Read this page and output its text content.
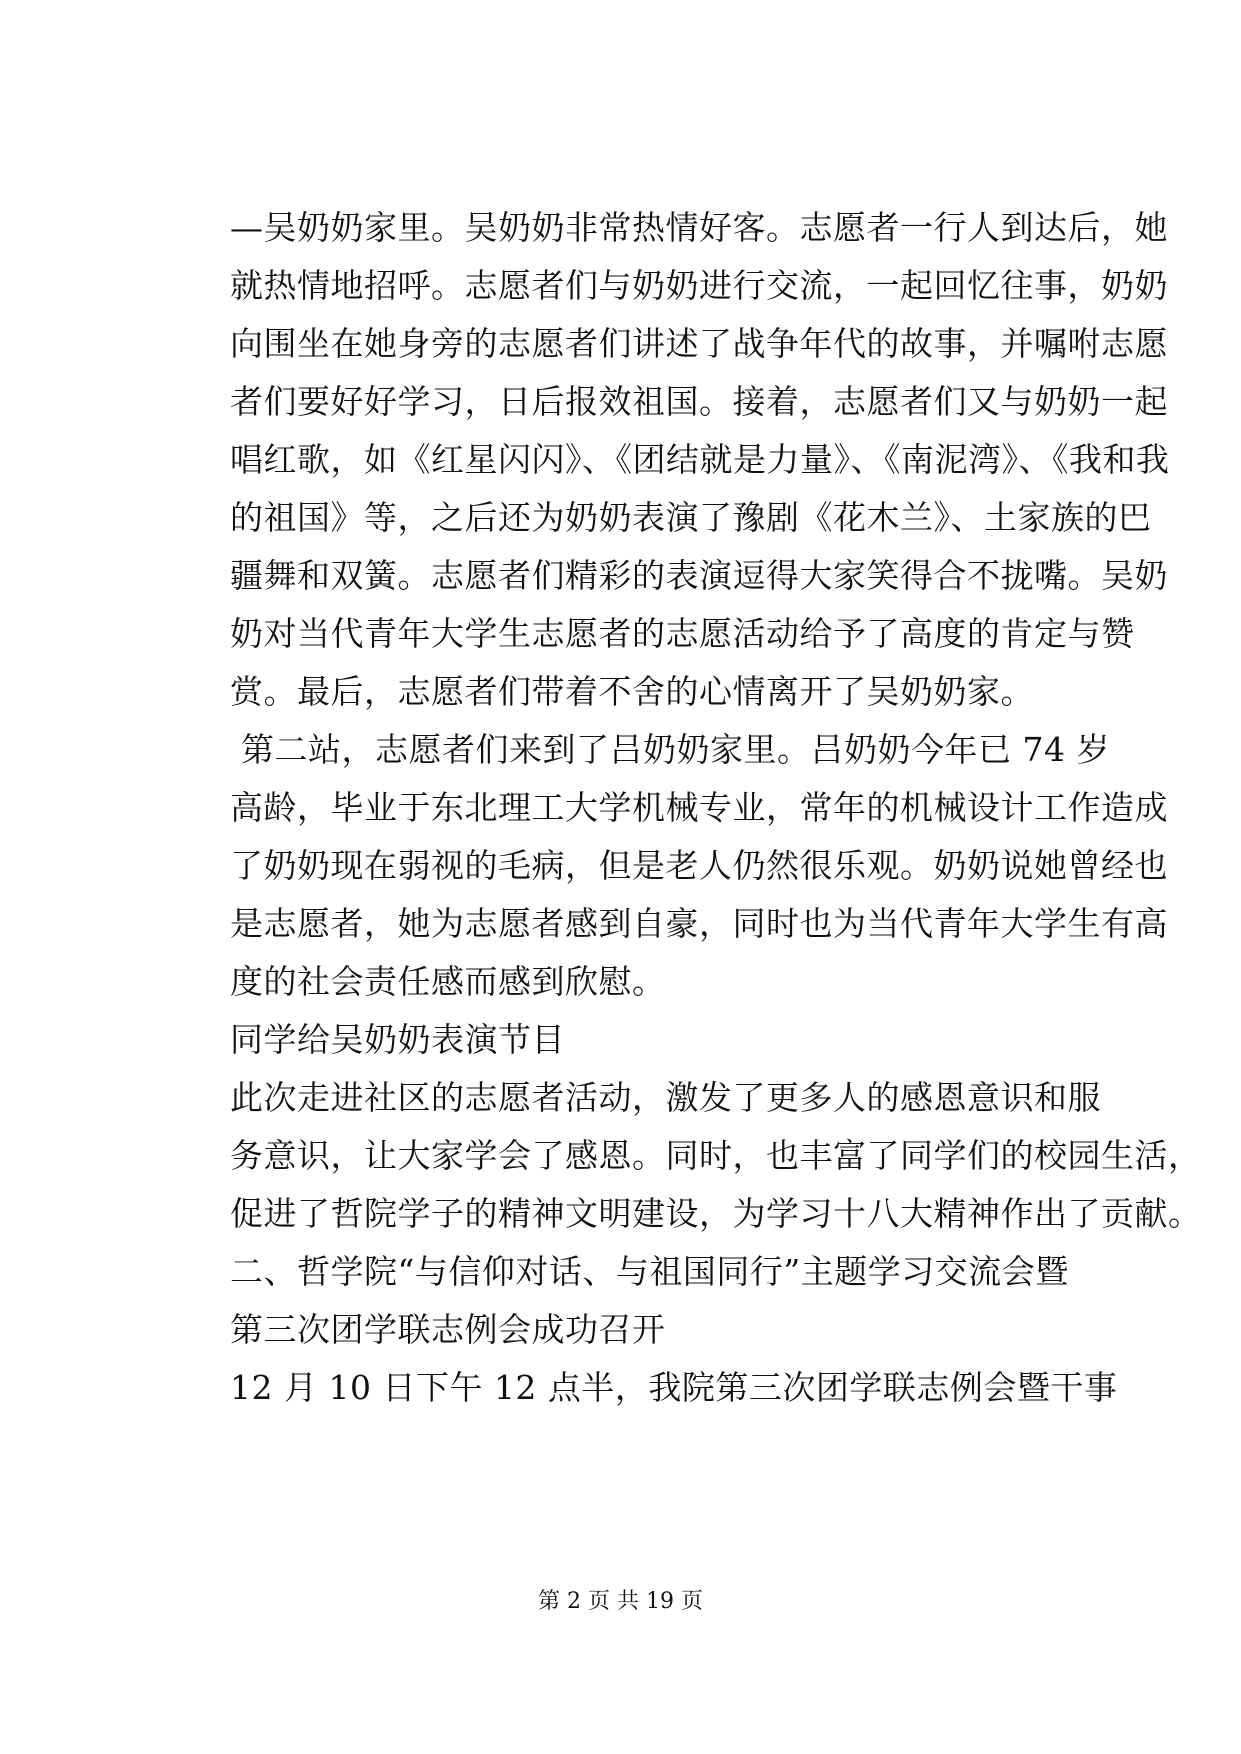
—吴奶奶家里。吴奶奶非常热情好客。志愿者一行人到达后，她
就热情地招呼。志愿者们与奶奶进行交流，一起回忆往事，奶奶
向围坐在她身旁的志愿者们讲述了战争年代的故事，并嘱咐志愿
者们要好好学习，日后报效祖国。接着，志愿者们又与奶奶一起
唱红歌，如《红星闪闪》、《团结就是力量》、《南泥湾》、《我和我
的祖国》等，之后还为奶奶表演了豫剧《花木兰》、土家族的巴
疆舞和双簧。志愿者们精彩的表演逗得大家笑得合不拢嘴。吴奶
奶对当代青年大学生志愿者的志愿活动给予了高度的肯定与赞
赏。最后，志愿者们带着不舍的心情离开了吴奶奶家。
第二站，志愿者们来到了吕奶奶家里。吕奶奶今年已 74 岁
高龄，毕业于东北理工大学机械专业，常年的机械设计工作造成
了奶奶现在弱视的毛病，但是老人仍然很乐观。奶奶说她曾经也
是志愿者，她为志愿者感到自豪，同时也为当代青年大学生有高
度的社会责任感而感到欣慰。
同学给吴奶奶表演节目
此次走进社区的志愿者活动，激发了更多人的感恩意识和服
务意识，让大家学会了感恩。同时，也丰富了同学们的校园生活，
促进了哲院学子的精神文明建设，为学习十八大精神作出了贡献。
二、哲学院“与信仰对话、与祖国同行”主题学习交流会暨
第三次团学联志例会成功召开
12 月 10 日下午 12 点半，我院第三次团学联志例会暨干事
第 2 页 共 19 页
